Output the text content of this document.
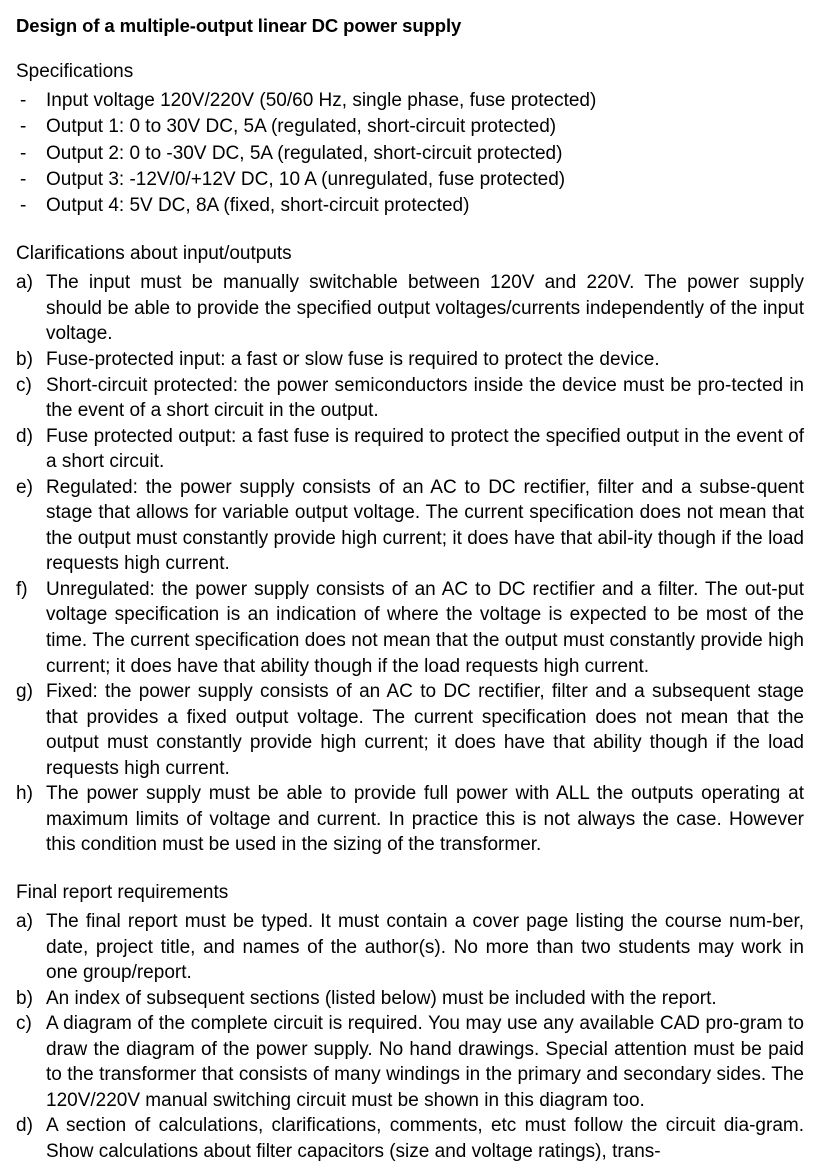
Design of a multiple-output linear DC power supply
Specifications
-	Input voltage 120V/220V (50/60 Hz, single phase, fuse protected)
-	Output 1: 0 to 30V DC, 5A (regulated, short-circuit protected)
-	Output 2: 0 to -30V DC, 5A (regulated, short-circuit protected)
-	Output 3: -12V/0/+12V DC, 10 A (unregulated, fuse protected)
-	Output 4: 5V DC, 8A (fixed, short-circuit protected)
Clarifications about input/outputs
a) The input must be manually switchable between 120V and 220V. The power supply should be able to provide the specified output voltages/currents independently of the input voltage.
b) Fuse-protected input: a fast or slow fuse is required to protect the device.
c) Short-circuit protected: the power semiconductors inside the device must be pro-tected in the event of a short circuit in the output.
d) Fuse protected output: a fast fuse is required to protect the specified output in the event of a short circuit.
e) Regulated: the power supply consists of an AC to DC rectifier, filter and a subse-quent stage that allows for variable output voltage. The current specification does not mean that the output must constantly provide high current; it does have that abil-ity though if the load requests high current.
f) Unregulated: the power supply consists of an AC to DC rectifier and a filter. The out-put voltage specification is an indication of where the voltage is expected to be most of the time. The current specification does not mean that the output must constantly provide high current; it does have that ability though if the load requests high current.
g) Fixed: the power supply consists of an AC to DC rectifier, filter and a subsequent stage that provides a fixed output voltage. The current specification does not mean that the output must constantly provide high current; it does have that ability though if the load requests high current.
h) The power supply must be able to provide full power with ALL the outputs operating at maximum limits of voltage and current. In practice this is not always the case. However this condition must be used in the sizing of the transformer.
Final report requirements
a) The final report must be typed. It must contain a cover page listing the course num-ber, date, project title, and names of the author(s). No more than two students may work in one group/report.
b) An index of subsequent sections (listed below) must be included with the report.
c) A diagram of the complete circuit is required. You may use any available CAD pro-gram to draw the diagram of the power supply. No hand drawings. Special attention must be paid to the transformer that consists of many windings in the primary and secondary sides. The 120V/220V manual switching circuit must be shown in this diagram too.
d) A section of calculations, clarifications, comments, etc must follow the circuit dia-gram. Show calculations about filter capacitors (size and voltage ratings), trans-
